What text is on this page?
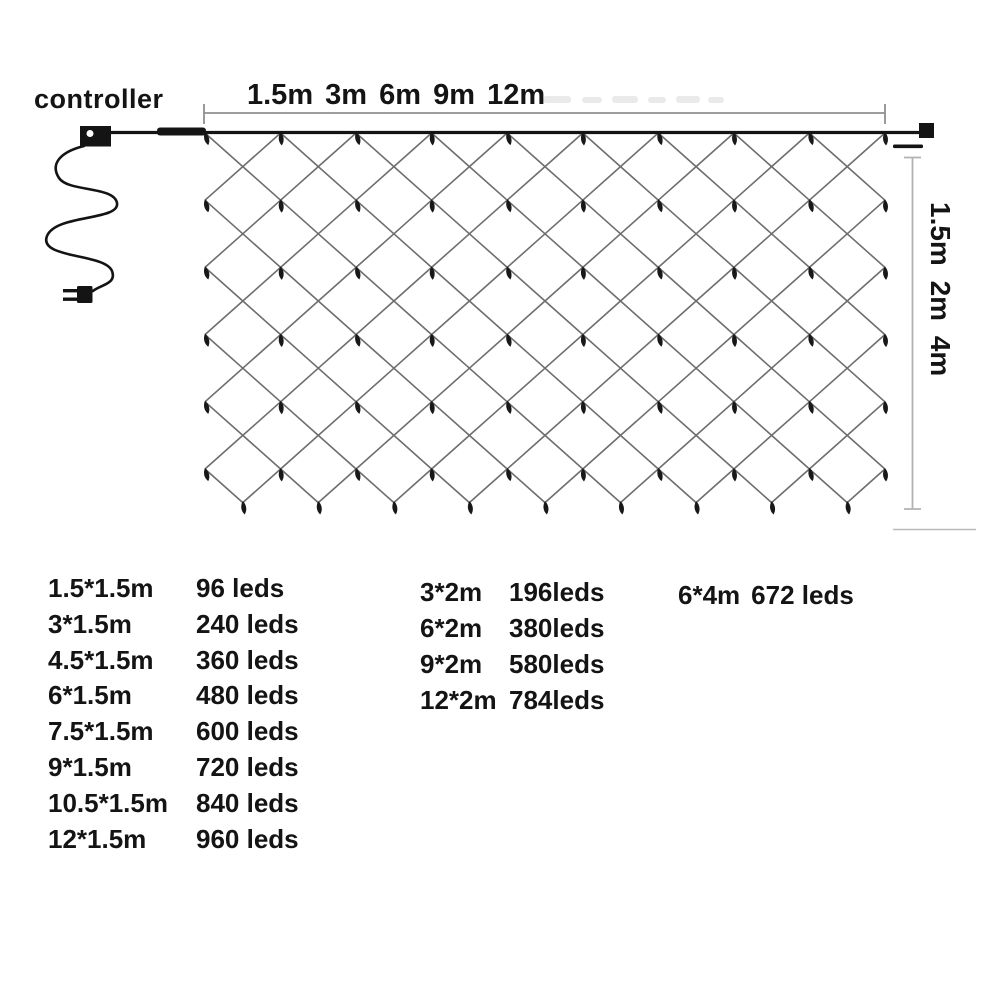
controller	1.5m 3m 6m 9m 12m
1.5m 2m 4m
1.5*1.5m	96 leds
3*1.5m	240 leds
4.5*1.5m	360 leds
6*1.5m	480 leds
7.5*1.5m	600 leds
9*1.5m	720 leds
10.5*1.5m	840 leds
12*1.5m	960 leds
3*2m	196leds
6*2m	380leds
9*2m	580leds
12*2m 784leds
6*4m 672 leds
